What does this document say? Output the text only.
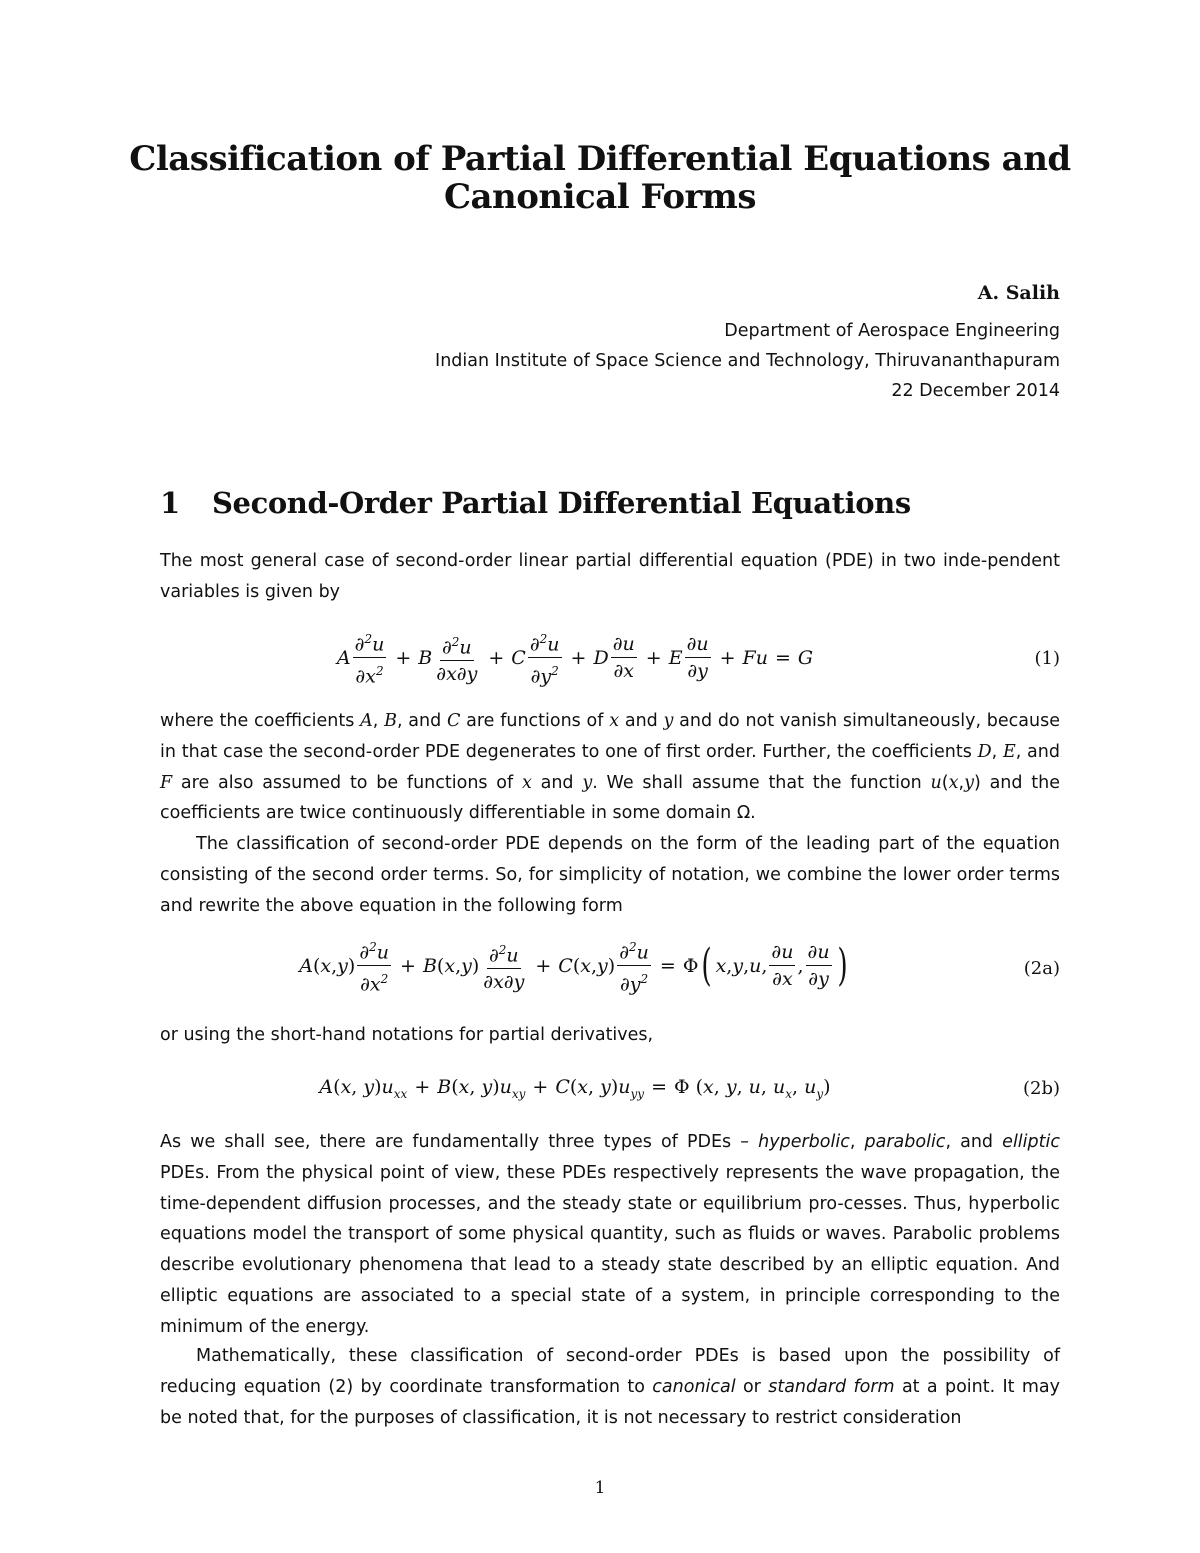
Classification of Partial Differential Equations and
Canonical Forms
A. Salih
Department of Aerospace Engineering
Indian Institute of Space Science and Technology, Thiruvananthapuram
22 December 2014
1 Second-Order Partial Differential Equations
The most general case of second-order linear partial differential equation (PDE) in two inde-pendent variables is given by
A $\frac{\partial^2u}{\partial x^2} + B \frac{\partial^2u}{\partial x\partial y} + C \frac{\partial^2u}{\partial y^2} + D \frac{\partial u}{\partial x} + E \frac{\partial u}{\partial y} + Fu = G$	(1)
where the coefficients A, B, and C are functions of x and y and do not vanish simultaneously, because in that case the second-order PDE degenerates to one of first order. Further, the coefficients D, E, and F are also assumed to be functions of x and y. We shall assume that the function u(x,y) and the coefficients are twice continuously differentiable in some domain Ω.
The classification of second-order PDE depends on the form of the leading part of the equation consisting of the second order terms. So, for simplicity of notation, we combine the lower order terms and rewrite the above equation in the following form
A ( x , y ) $\frac{\partial^2u}{\partial x^2} + B$ ( x , y ) $\frac{\partial^2u}{\partial x\partial y} + C$ ( x , y ) $\frac{\partial^2u}{\partial y^2} = \Phi$ ( x , y , u , $\frac{\partial u}{\partial x}$ , $\frac{\partial u}{\partial y}$ )	(2a)
or using the short-hand notations for partial derivatives,
A(x, $y)u_{xx} + B(x$, $y)u_{xy} + C(x$, $y)u_{yy} = \Phi$ (x, y, u, $u_x$, $u_y$)	(2b)
As we shall see, there are fundamentally three types of PDEs – hyperbolic, parabolic, and elliptic PDEs. From the physical point of view, these PDEs respectively represents the wave propagation, the time-dependent diffusion processes, and the steady state or equilibrium pro-cesses. Thus, hyperbolic equations model the transport of some physical quantity, such as fluids or waves. Parabolic problems describe evolutionary phenomena that lead to a steady state described by an elliptic equation. And elliptic equations are associated to a special state of a system, in principle corresponding to the minimum of the energy.
Mathematically, these classification of second-order PDEs is based upon the possibility of reducing equation (2) by coordinate transformation to canonical or standard form at a point. It may be noted that, for the purposes of classification, it is not necessary to restrict consideration
1
